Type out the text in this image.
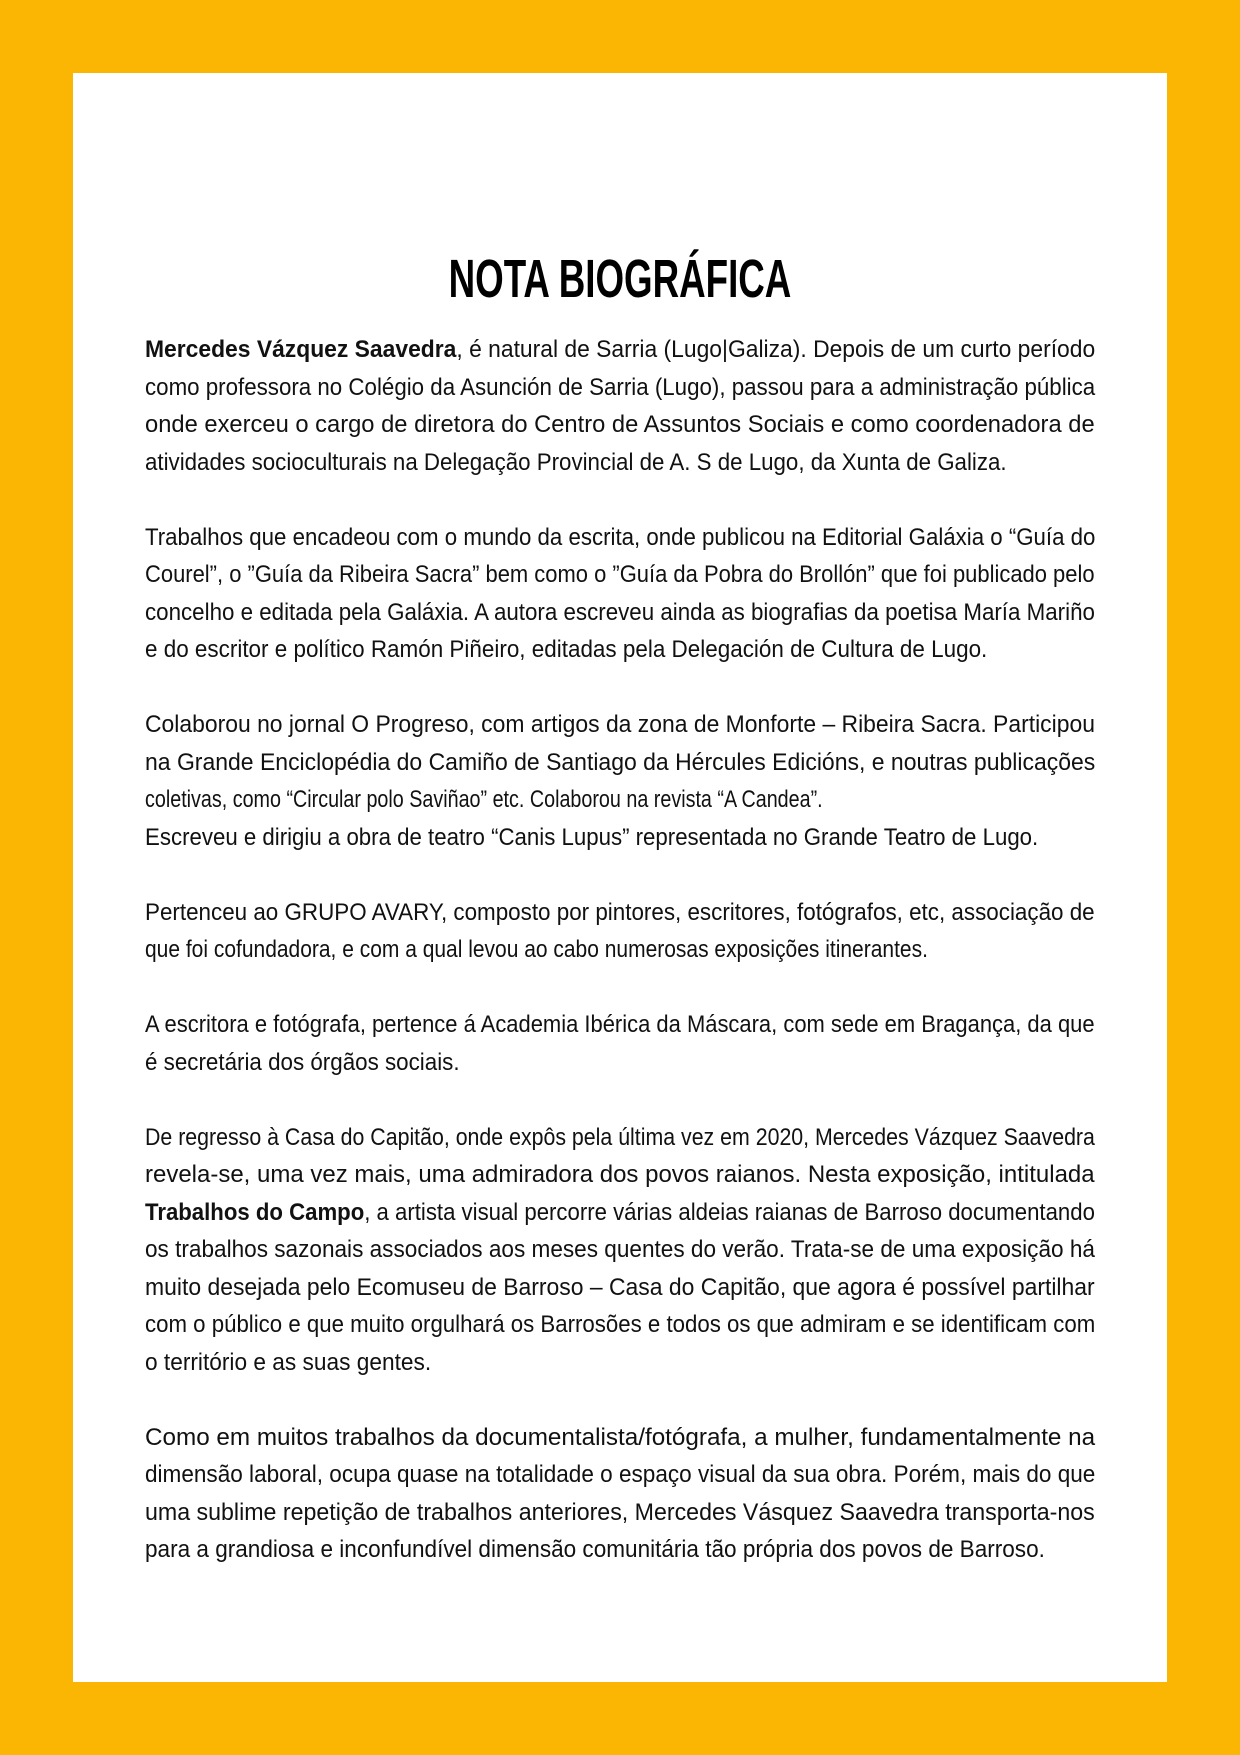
NOTA BIOGRÁFICA
Mercedes Vázquez Saavedra, é natural de Sarria (Lugo|Galiza). Depois de um curto período
como professora no Colégio da Asunción de Sarria (Lugo), passou para a administração pública
onde exerceu o cargo de diretora do Centro de Assuntos Sociais e como coordenadora de
atividades socioculturais na Delegação Provincial de A. S de Lugo, da Xunta de Galiza.
Trabalhos que encadeou com o mundo da escrita, onde publicou na Editorial Galáxia o “Guía do
Courel”, o ”Guía da Ribeira Sacra” bem como o ”Guía da Pobra do Brollón” que foi publicado pelo
concelho e editada pela Galáxia. A autora escreveu ainda as biografias da poetisa María Mariño
e do escritor e político Ramón Piñeiro, editadas pela Delegación de Cultura de Lugo.
Colaborou no jornal O Progreso, com artigos da zona de Monforte – Ribeira Sacra. Participou
na Grande Enciclopédia do Camiño de Santiago da Hércules Edicións, e noutras publicações
coletivas, como “Circular polo Saviñao” etc. Colaborou na revista “A Candea”.
Escreveu e dirigiu a obra de teatro “Canis Lupus” representada no Grande Teatro de Lugo.
Pertenceu ao GRUPO AVARY, composto por pintores, escritores, fotógrafos, etc, associação de
que foi cofundadora, e com a qual levou ao cabo numerosas exposições itinerantes.
A escritora e fotógrafa, pertence á Academia Ibérica da Máscara, com sede em Bragança, da que
é secretária dos órgãos sociais.
De regresso à Casa do Capitão, onde expôs pela última vez em 2020, Mercedes Vázquez Saavedra
revela-se, uma vez mais, uma admiradora dos povos raianos. Nesta exposição, intitulada
Trabalhos do Campo, a artista visual percorre várias aldeias raianas de Barroso documentando
os trabalhos sazonais associados aos meses quentes do verão. Trata-se de uma exposição há
muito desejada pelo Ecomuseu de Barroso – Casa do Capitão, que agora é possível partilhar
com o público e que muito orgulhará os Barrosões e todos os que admiram e se identificam com
o território e as suas gentes.
Como em muitos trabalhos da documentalista/fotógrafa, a mulher, fundamentalmente na
dimensão laboral, ocupa quase na totalidade o espaço visual da sua obra. Porém, mais do que
uma sublime repetição de trabalhos anteriores, Mercedes Vásquez Saavedra transporta-nos
para a grandiosa e inconfundível dimensão comunitária tão própria dos povos de Barroso.
